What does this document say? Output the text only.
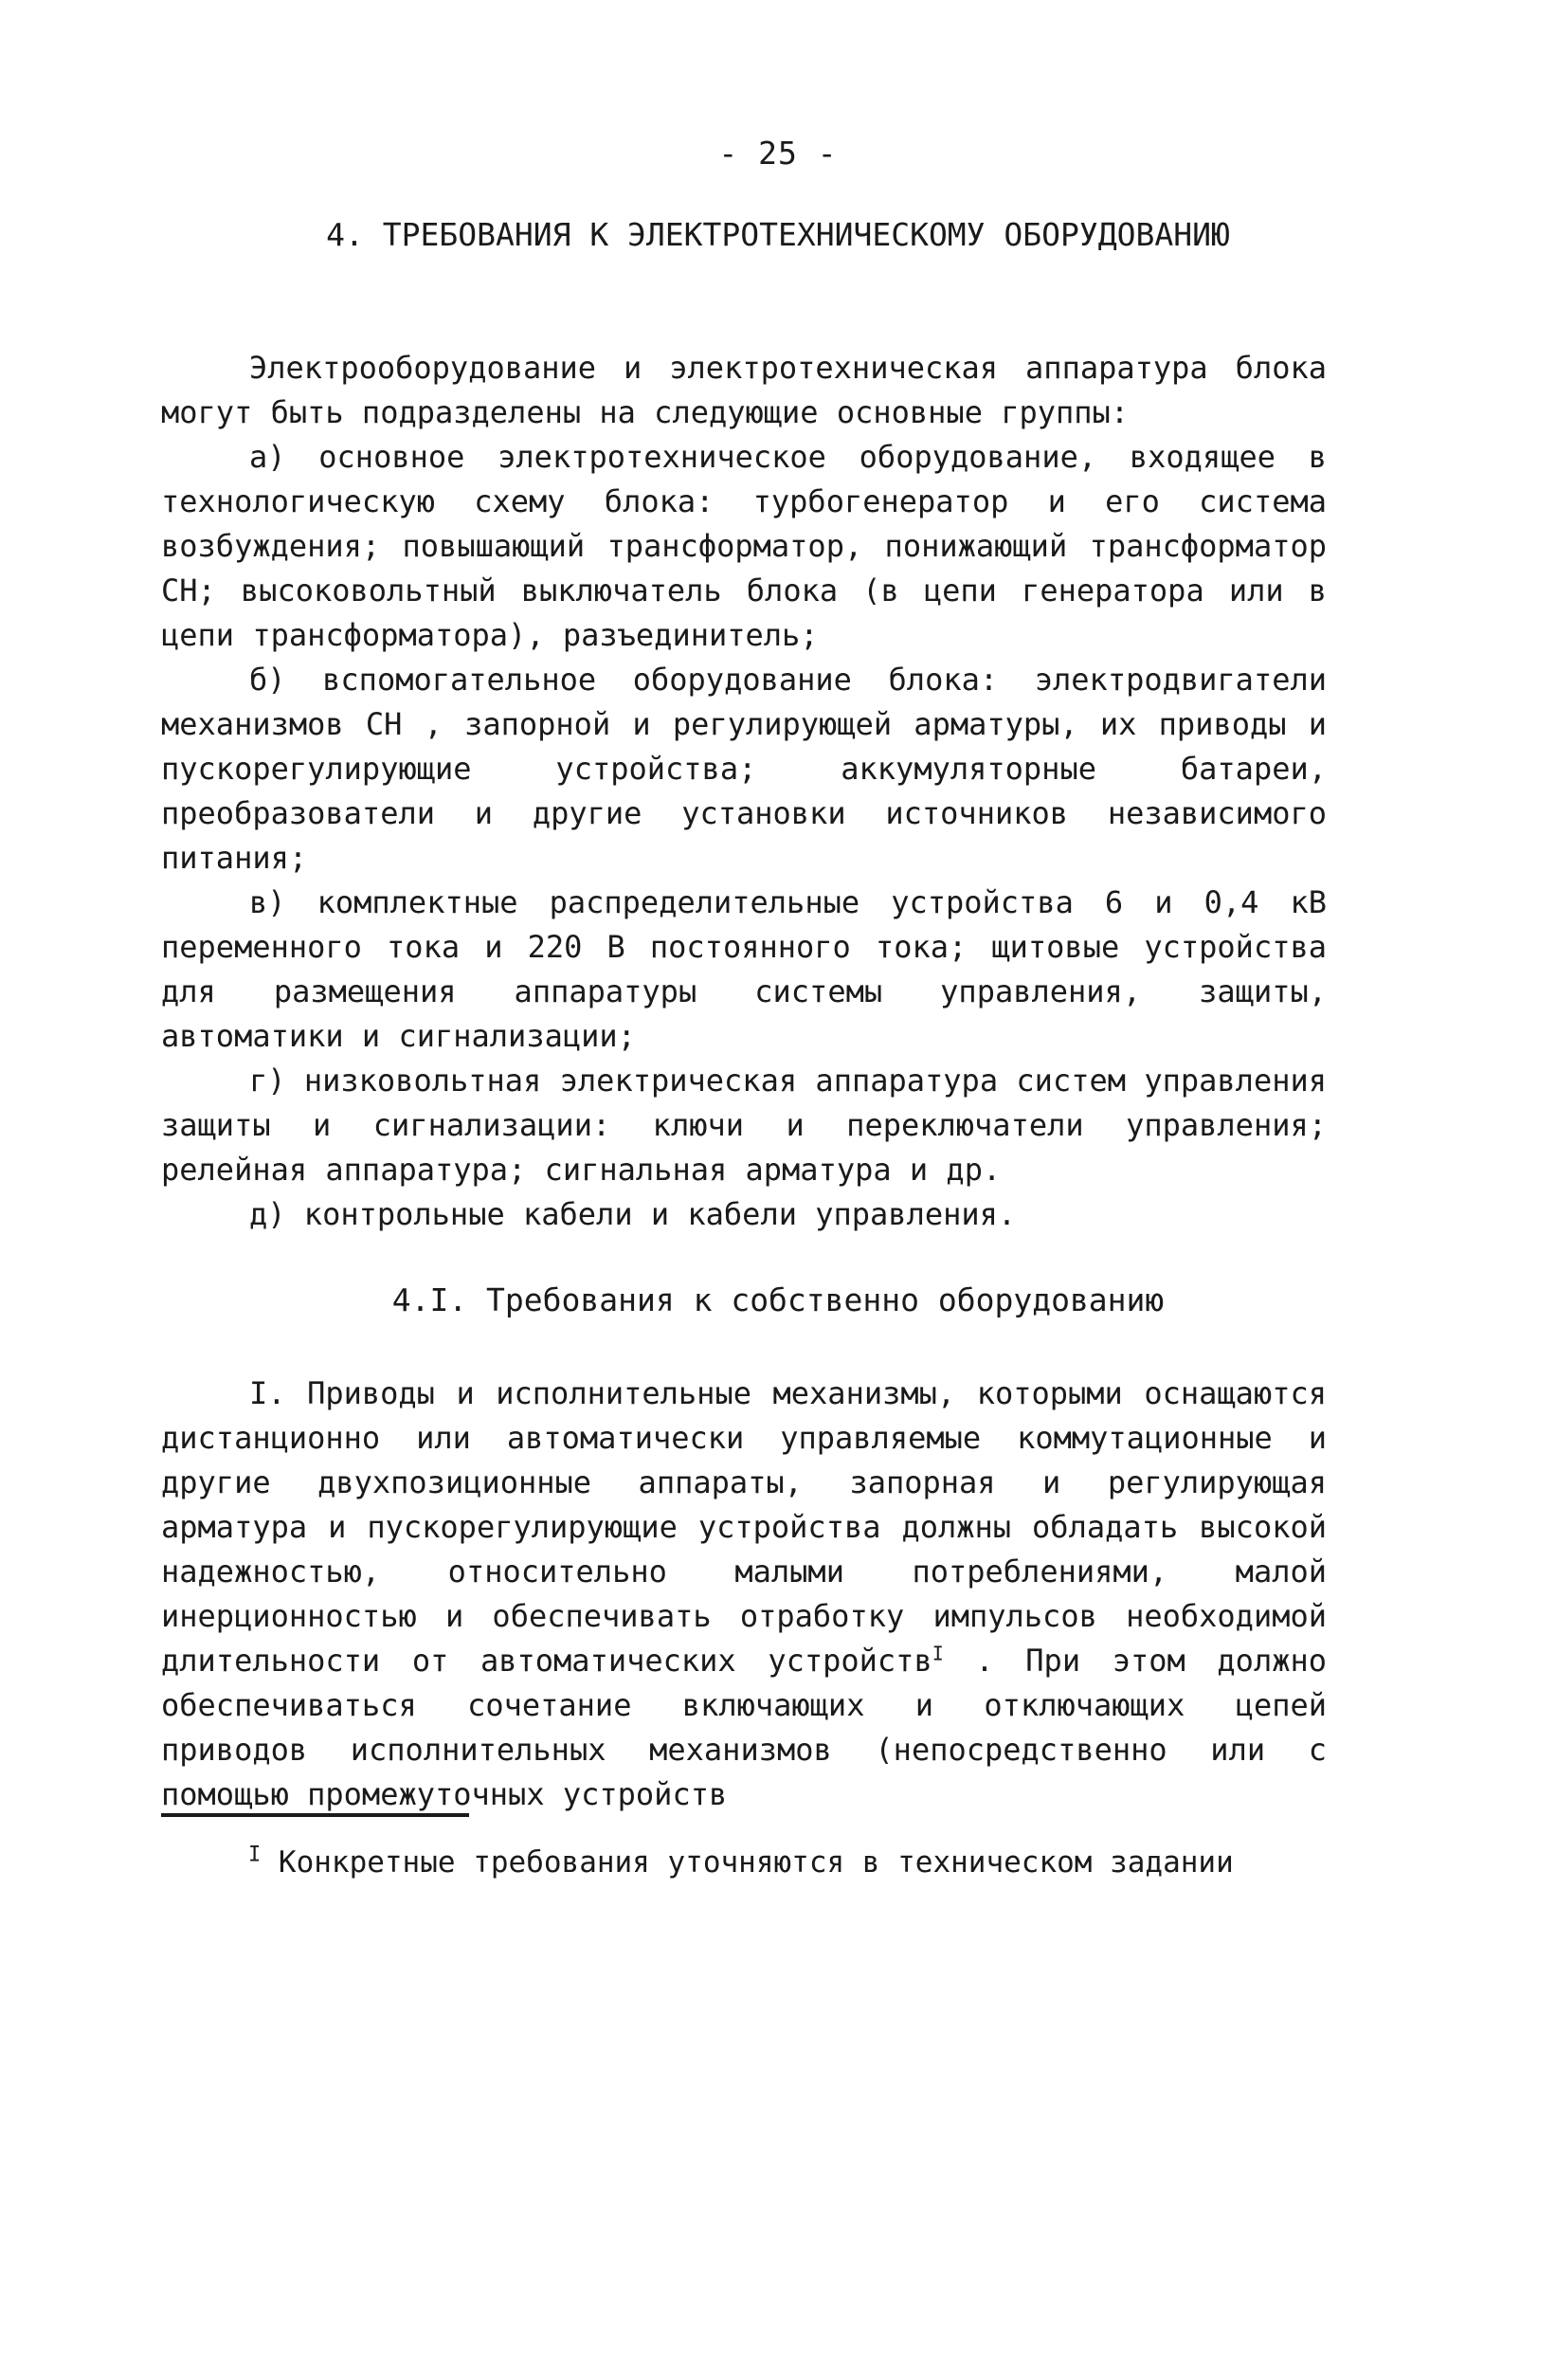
- 25 -
4. ТРЕБОВАНИЯ К ЭЛЕКТРОТЕХНИЧЕСКОМУ ОБОРУДОВАНИЮ

Электрооборудование и электротехническая аппаратура блока могут быть подразделены на следующие основные группы:

а) основное электротехническое оборудование, входящее в технологическую схему блока: турбогенератор и его система возбуждения; повышающий трансформатор, понижающий трансформатор СН; высоковольтный выключатель блока (в цепи генератора или в цепи трансформатора), разъединитель;

б) вспомогательное оборудование блока: электродвигатели механизмов СН , запорной и регулирующей арматуры, их приводы и пускорегулирующие устройства; аккумуляторные батареи, преобразователи и другие установки источников независимого питания;

в) комплектные распределительные устройства 6 и 0,4 кВ переменного тока и 220 В постоянного тока; щитовые устройства для размещения аппаратуры системы управления, защиты, автоматики и сигнализации;

г) низковольтная электрическая аппаратура систем управления защиты и сигнализации: ключи и переключатели управления; релейная аппаратура; сигнальная арматура и др.

д) контрольные кабели и кабели управления.

4.I. Требования к собственно оборудованию

I. Приводы и исполнительные механизмы, которыми оснащаются дистанционно или автоматически управляемые коммутационные и другие двухпозиционные аппараты, запорная и регулирующая арматура и пускорегулирующие устройства должны обладать высокой надежностью, относительно малыми потреблениями, малой инерционностью и обеспечивать отработку импульсов необходимой длительности от автоматических устройств$^I$ . При этом должно обеспечиваться сочетание включающих и отключающих цепей приводов исполнительных механизмов (непосредственно или с помощью промежуточных устройств

$^I$ Конкретные требования уточняются в техническом задании
